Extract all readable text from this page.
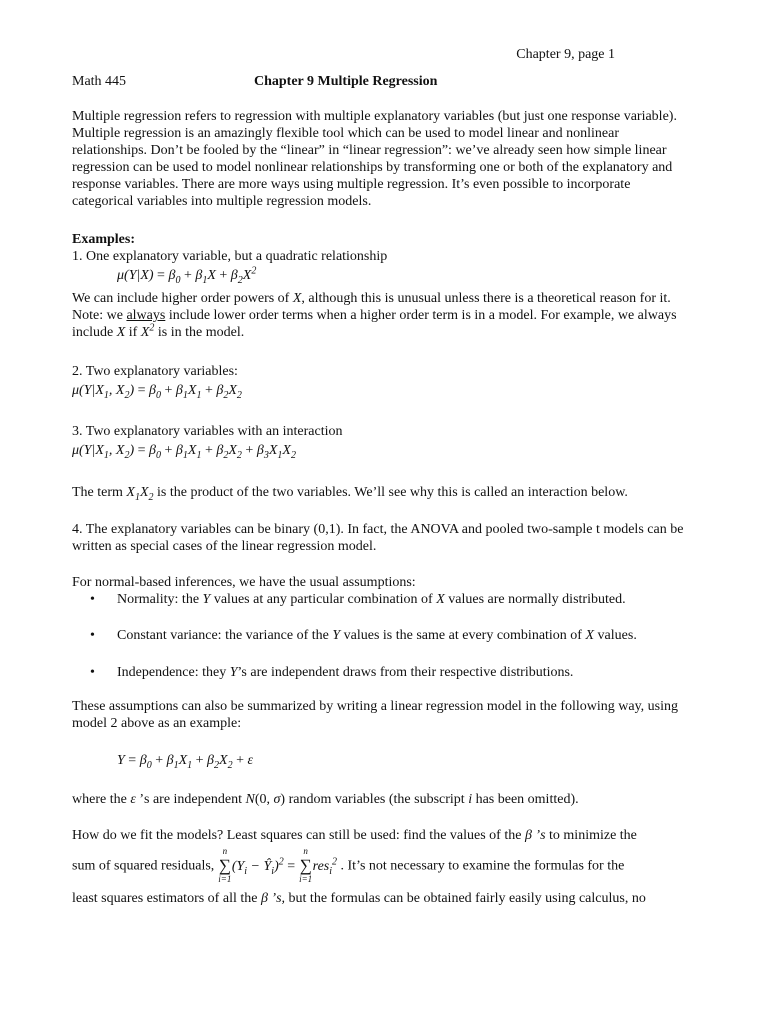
Chapter 9, page 1
Math 445	Chapter 9 Multiple Regression

Multiple regression refers to regression with multiple explanatory variables (but just one response variable). Multiple regression is an amazingly flexible tool which can be used to model linear and nonlinear relationships. Don’t be fooled by the “linear” in “linear regression”: we’ve already seen how simple linear regression can be used to model nonlinear relationships by transforming one or both of the explanatory and response variables. There are more ways using multiple regression. It’s even possible to incorporate categorical variables into multiple regression models.

Examples:
1. One explanatory variable, but a quadratic relationship
$\mu(Y|X) = \beta_0 + \beta_1X + \beta_2X^2$

We can include higher order powers of X, although this is unusual unless there is a theoretical reason for it. Note: we always include lower order terms when a higher order term is in a model. For example, we always include X if $X^2$ is in the model.

2. Two explanatory variables:
$\mu(Y|X_1$, $X_2) = \beta_0 + \beta_1X_1 + \beta_2X_2$
3. Two explanatory variables with an interaction
$\mu(Y|X_1$, $X_2) = \beta_0 + \beta_1X_1 + \beta_2X_2 + \beta_3X_1X_2$
The term $X_1X_2$ is the product of the two variables. We’ll see why this is called an interaction below.

4. The explanatory variables can be binary (0,1). In fact, the ANOVA and pooled two-sample t models can be written as special cases of the linear regression model.

For normal-based inferences, we have the usual assumptions:
• Normality: the Y values at any particular combination of X values are normally distributed.
• Constant variance: the variance of the Y values is the same at every combination of X values.
• Independence: they Y’s are independent draws from their respective distributions.

These assumptions can also be summarized by writing a linear regression model in the following way, using model 2 above as an example:

$Y = \beta_0 + \beta_1X_1 + \beta_2X_2 + \varepsilon$
where the ε ’s are independent N(0, σ) random variables (the subscript i has been omitted).
How do we fit the models? Least squares can still be used: find the values of the β ’s to minimize the
sum of squared residuals,
n
∑
i=1
($Y_i$ − $Ŷ_i)^2$ =
n
∑
i=1
res$_i^2$ . It’s not necessary to examine the formulas for the
least squares estimators of all the β ’s, but the formulas can be obtained fairly easily using calculus, no
